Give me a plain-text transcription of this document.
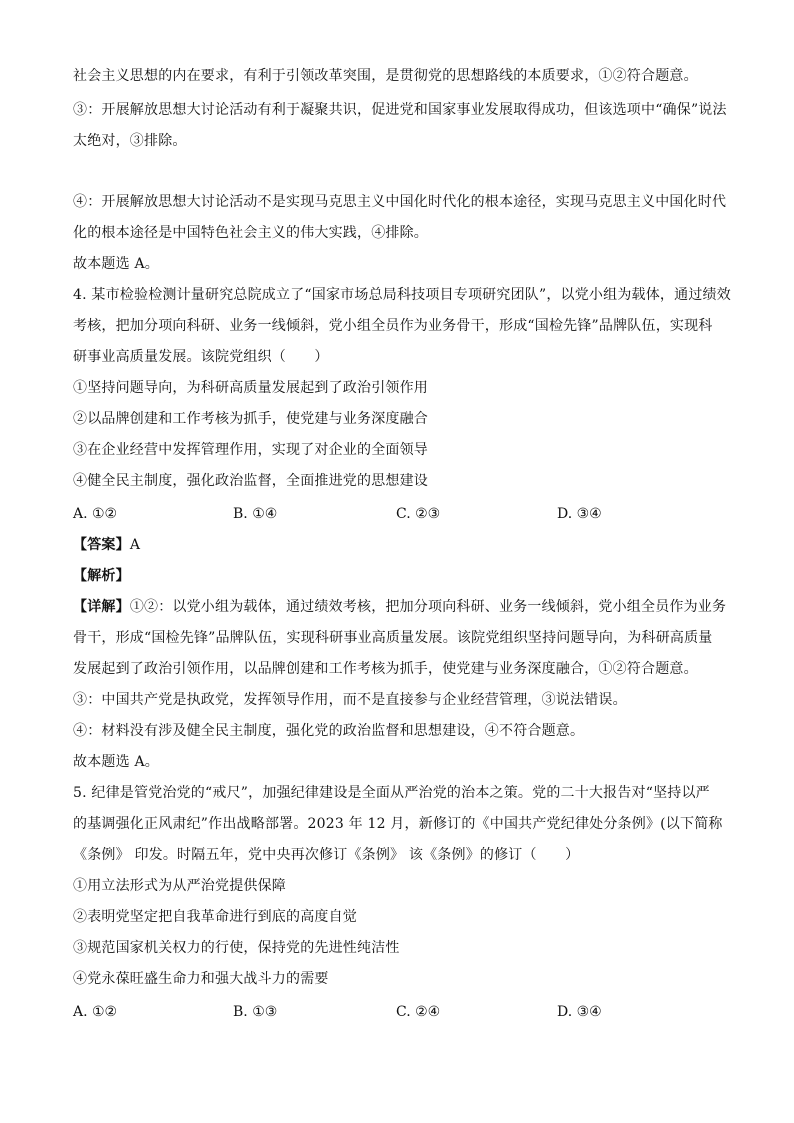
社会主义思想的内在要求，有利于引领改革突围，是贯彻党的思想路线的本质要求，①②符合题意。
③：开展解放思想大讨论活动有利于凝聚共识，促进党和国家事业发展取得成功，但该选项中“确保”说法
太绝对，③排除。
④：开展解放思想大讨论活动不是实现马克思主义中国化时代化的根本途径，实现马克思主义中国化时代
化的根本途径是中国特色社会主义的伟大实践，④排除。
故本题选 A。
4. 某市检验检测计量研究总院成立了“国家市场总局科技项目专项研究团队”，以党小组为载体，通过绩效
考核，把加分项向科研、业务一线倾斜，党小组全员作为业务骨干，形成“国检先锋”品牌队伍，实现科
研事业高质量发展。该院党组织（　　）
①坚持问题导向，为科研高质量发展起到了政治引领作用
②以品牌创建和工作考核为抓手，使党建与业务深度融合
③在企业经营中发挥管理作用，实现了对企业的全面领导
④健全民主制度，强化政治监督，全面推进党的思想建设
A. ①②	B. ①④	C. ②③	D. ③④
【答案】A
【解析】
【详解】①②：以党小组为载体，通过绩效考核，把加分项向科研、业务一线倾斜，党小组全员作为业务
骨干，形成“国检先锋”品牌队伍，实现科研事业高质量发展。该院党组织坚持问题导向，为科研高质量
发展起到了政治引领作用，以品牌创建和工作考核为抓手，使党建与业务深度融合，①②符合题意。
③：中国共产党是执政党，发挥领导作用，而不是直接参与企业经营管理，③说法错误。
④：材料没有涉及健全民主制度，强化党的政治监督和思想建设，④不符合题意。
故本题选 A。
5. 纪律是管党治党的“戒尺”，加强纪律建设是全面从严治党的治本之策。党的二十大报告对“坚持以严
的基调强化正风肃纪”作出战略部署。2023 年 12 月，新修订的《中国共产党纪律处分条例》(以下简称
《条例》 印发。时隔五年，党中央再次修订《条例》 该《条例》的修订（　　）
①用立法形式为从严治党提供保障
②表明党坚定把自我革命进行到底的高度自觉
③规范国家机关权力的行使，保持党的先进性纯洁性
④党永葆旺盛生命力和强大战斗力的需要
A. ①②	B. ①③	C. ②④	D. ③④
